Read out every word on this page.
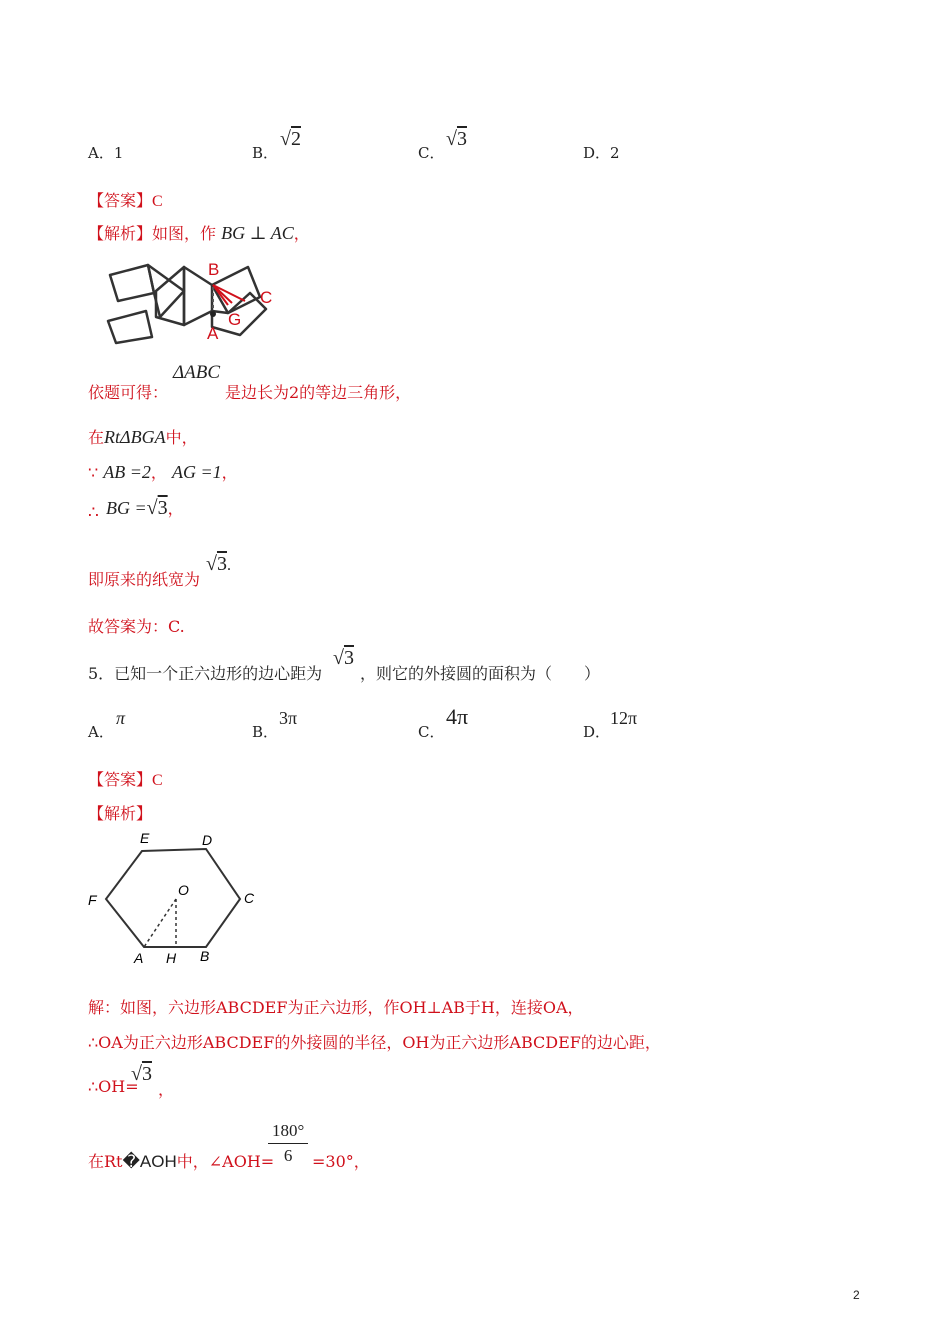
A．1	B．
√2
C．
√3
D．2
【答案】C
【解析】如图，作 BG ⊥ AC，
B
C
G
A
ΔABC
依题可得：	是边长为2的等边三角形，
在RtΔBGA中，
∵ AB =2， AG =1，
∴ BG =√3，
即原来的纸宽为
√3.
故答案为：C.
5．已知一个正六边形的边心距为
√3
，则它的外接圆的面积为（　　）
A．
π
B．
3π
C．
4π
D．
12π
【答案】C
【解析】
E	D
F
O	C
A H B
解：如图，六边形ABCDEF为正六边形，作OH⊥AB于H，连接OA，
∴OA为正六边形ABCDEF的外接圆的半径，OH为正六边形ABCDEF的边心距，
∴OH=
√3
，
在Rt�AOH中，∠AOH=
$\frac{180^\circ}{6} =30^\circ$，
2
